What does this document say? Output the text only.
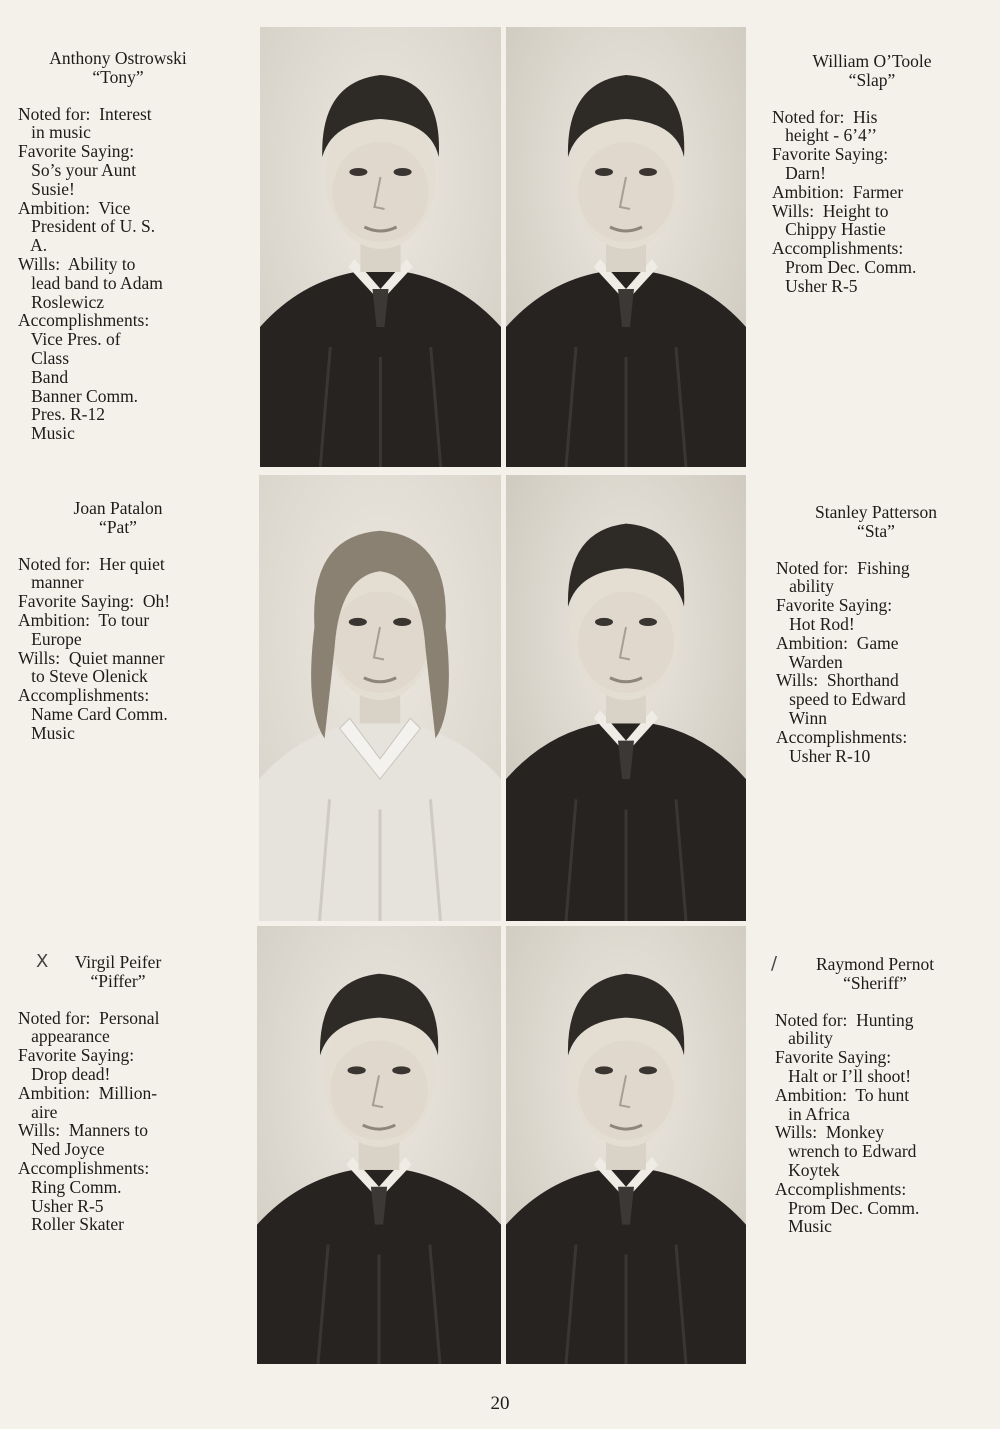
Anthony Ostrowski
“Tony”
Noted for:  Interest
in music
Favorite Saying:
So’s your Aunt
Susie!
Ambition:  Vice
President of U. S.
A.
Wills:  Ability to
lead band to Adam
Roslewicz
Accomplishments:
Vice Pres. of
Class
Band
Banner Comm.
Pres. R-12
Music
William O’Toole
“Slap”
Noted for:  His
height - 6’4’’
Favorite Saying:
Darn!
Ambition:  Farmer
Wills:  Height to
Chippy Hastie
Accomplishments:
Prom Dec. Comm.
Usher R-5
Joan Patalon
“Pat”
Noted for:  Her quiet
manner
Favorite Saying:  Oh!
Ambition:  To tour
Europe
Wills:  Quiet manner
to Steve Olenick
Accomplishments:
Name Card Comm.
Music
Stanley Patterson
“Sta”
Noted for:  Fishing
ability
Favorite Saying:
Hot Rod!
Ambition:  Game
Warden
Wills:  Shorthand
speed to Edward
Winn
Accomplishments:
Usher R-10
Virgil Peifer
“Piffer”
Noted for:  Personal
appearance
Favorite Saying:
Drop dead!
Ambition:  Million-
aire
Wills:  Manners to
Ned Joyce
Accomplishments:
Ring Comm.
Usher R-5
Roller Skater
Raymond Pernot
“Sheriff”
Noted for:  Hunting
ability
Favorite Saying:
Halt or I’ll shoot!
Ambition:  To hunt
in Africa
Wills:  Monkey
wrench to Edward
Koytek
Accomplishments:
Prom Dec. Comm.
Music
X	/
20
